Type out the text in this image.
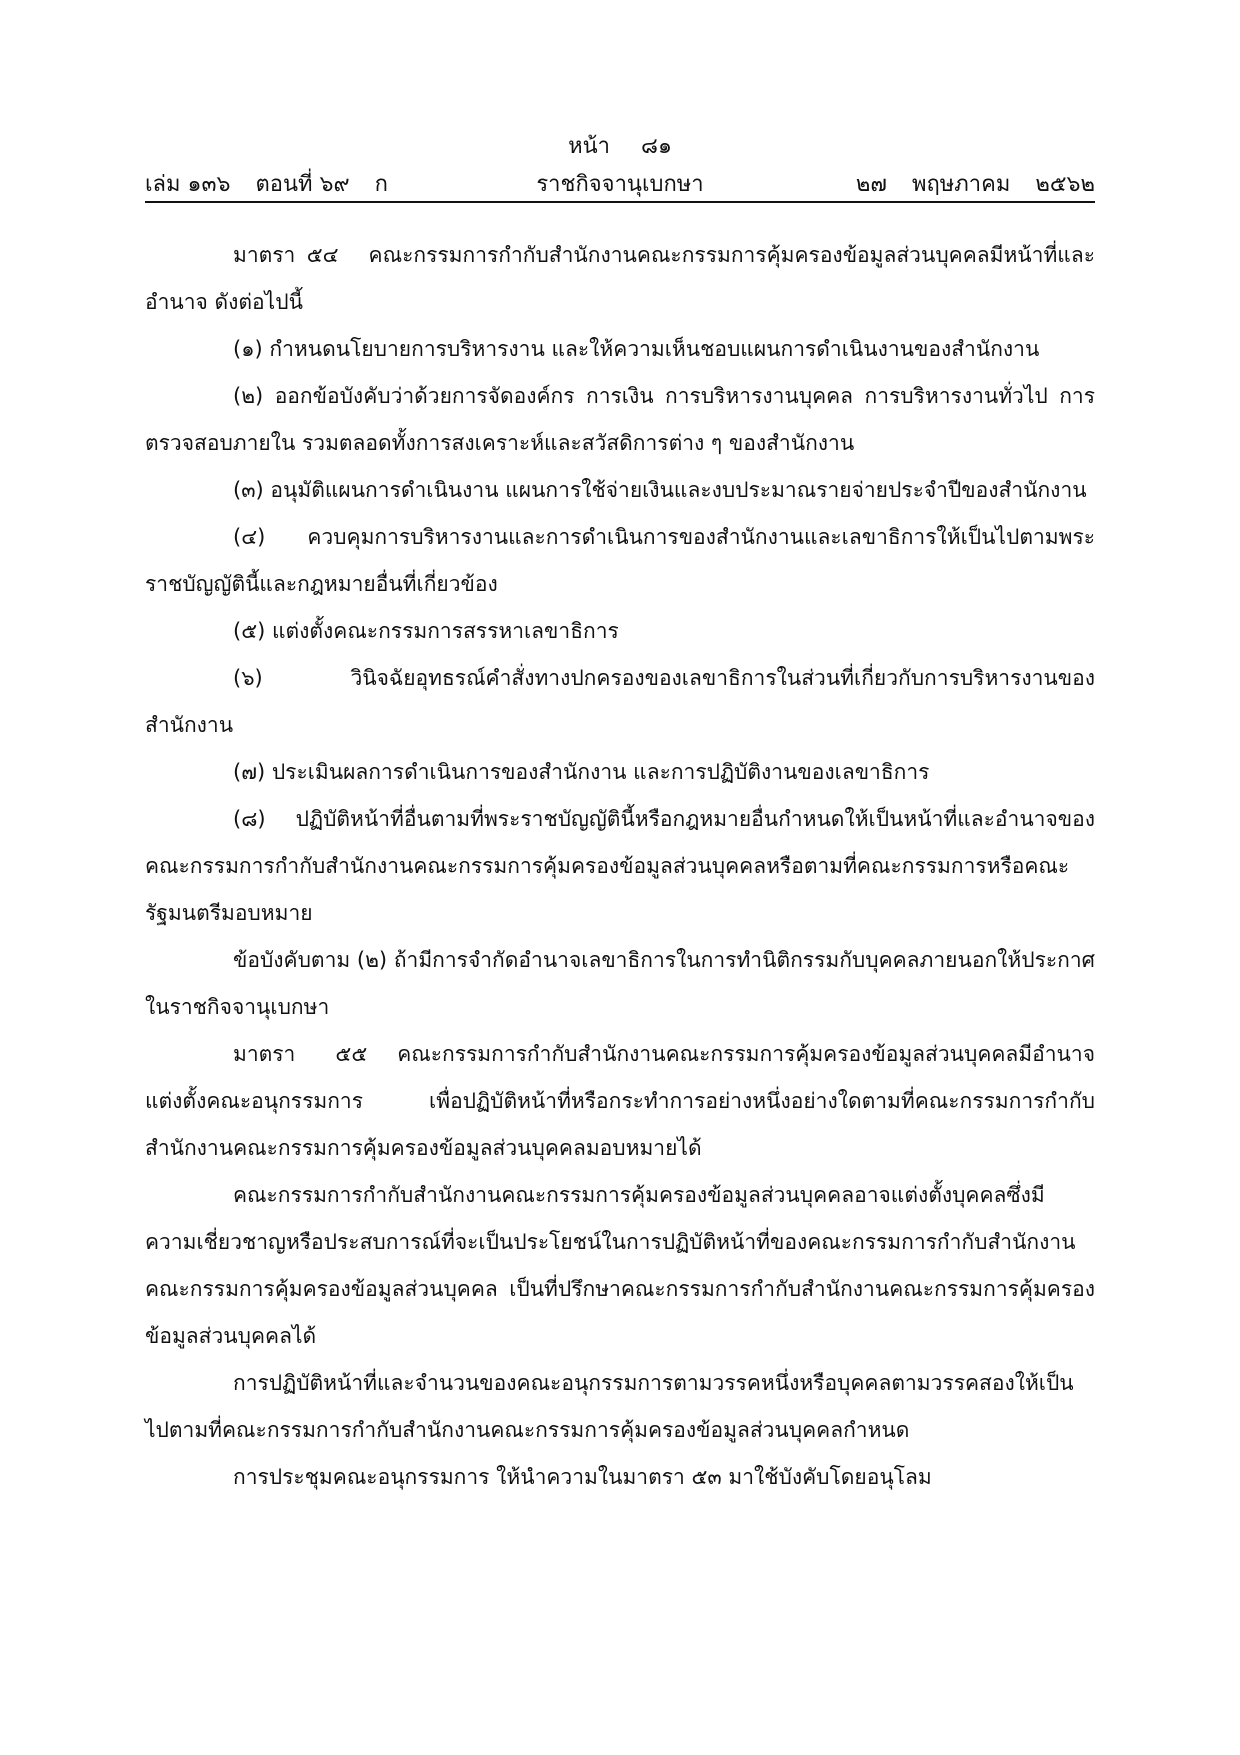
หน้า ๘๑
เล่ม ๑๓๖ ตอนที่ ๖๙ ก	ราชกิจจานุเบกษา	๒๗ พฤษภาคม ๒๕๖๒

มาตรา ๕๔ คณะกรรมการกำกับสำนักงานคณะกรรมการคุ้มครองข้อมูลส่วนบุคคลมีหน้าที่และอำนาจ ดังต่อไปนี้

(๑) กำหนดนโยบายการบริหารงาน และให้ความเห็นชอบแผนการดำเนินงานของสำนักงาน

(๒) ออกข้อบังคับว่าด้วยการจัดองค์กร การเงิน การบริหารงานบุคคล การบริหารงานทั่วไป การตรวจสอบภายใน รวมตลอดทั้งการสงเคราะห์และสวัสดิการต่าง ๆ ของสำนักงาน

(๓) อนุมัติแผนการดำเนินงาน แผนการใช้จ่ายเงินและงบประมาณรายจ่ายประจำปีของสำนักงาน

(๔) ควบคุมการบริหารงานและการดำเนินการของสำนักงานและเลขาธิการให้เป็นไปตามพระราชบัญญัตินี้และกฎหมายอื่นที่เกี่ยวข้อง

(๕) แต่งตั้งคณะกรรมการสรรหาเลขาธิการ

(๖) วินิจฉัยอุทธรณ์คำสั่งทางปกครองของเลขาธิการในส่วนที่เกี่ยวกับการบริหารงานของสำนักงาน

(๗) ประเมินผลการดำเนินการของสำนักงาน และการปฏิบัติงานของเลขาธิการ

(๘) ปฏิบัติหน้าที่อื่นตามที่พระราชบัญญัตินี้หรือกฎหมายอื่นกำหนดให้เป็นหน้าที่และอำนาจของคณะกรรมการกำกับสำนักงานคณะกรรมการคุ้มครองข้อมูลส่วนบุคคลหรือตามที่คณะกรรมการหรือคณะรัฐมนตรีมอบหมาย

ข้อบังคับตาม (๒) ถ้ามีการจำกัดอำนาจเลขาธิการในการทำนิติกรรมกับบุคคลภายนอกให้ประกาศในราชกิจจานุเบกษา

มาตรา ๕๕ คณะกรรมการกำกับสำนักงานคณะกรรมการคุ้มครองข้อมูลส่วนบุคคลมีอำนาจแต่งตั้งคณะอนุกรรมการ เพื่อปฏิบัติหน้าที่หรือกระทำการอย่างหนึ่งอย่างใดตามที่คณะกรรมการกำกับสำนักงานคณะกรรมการคุ้มครองข้อมูลส่วนบุคคลมอบหมายได้

คณะกรรมการกำกับสำนักงานคณะกรรมการคุ้มครองข้อมูลส่วนบุคคลอาจแต่งตั้งบุคคลซึ่งมีความเชี่ยวชาญหรือประสบการณ์ที่จะเป็นประโยชน์ในการปฏิบัติหน้าที่ของคณะกรรมการกำกับสำนักงานคณะกรรมการคุ้มครองข้อมูลส่วนบุคคล เป็นที่ปรึกษาคณะกรรมการกำกับสำนักงานคณะกรรมการคุ้มครองข้อมูลส่วนบุคคลได้

การปฏิบัติหน้าที่และจำนวนของคณะอนุกรรมการตามวรรคหนึ่งหรือบุคคลตามวรรคสองให้เป็นไปตามที่คณะกรรมการกำกับสำนักงานคณะกรรมการคุ้มครองข้อมูลส่วนบุคคลกำหนด

การประชุมคณะอนุกรรมการ ให้นำความในมาตรา ๕๓ มาใช้บังคับโดยอนุโลม
